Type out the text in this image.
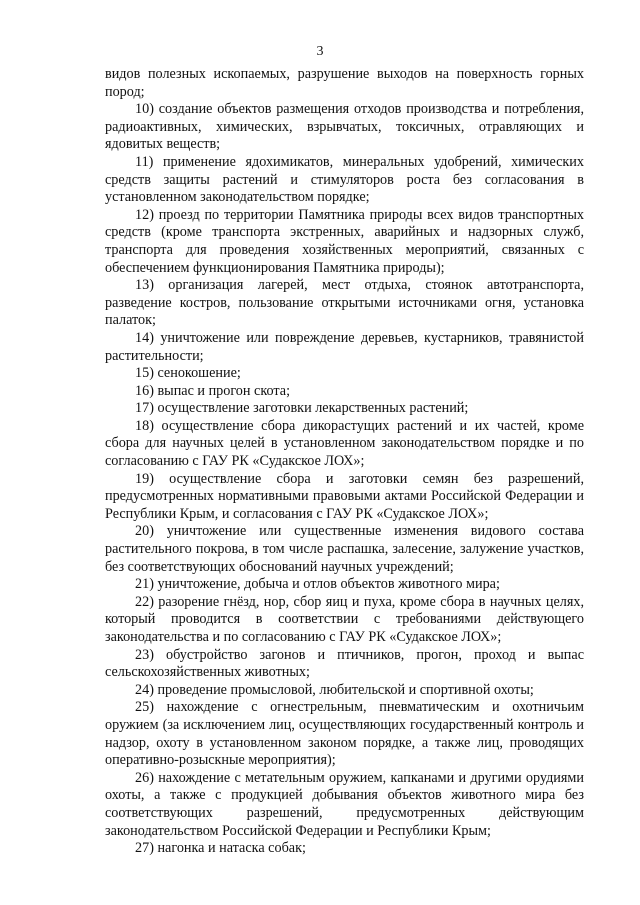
3

видов полезных ископаемых, разрушение выходов на поверхность горных пород;

10) создание объектов размещения отходов производства и потребления, радиоактивных, химических, взрывчатых, токсичных, отравляющих и ядовитых веществ;

11) применение ядохимикатов, минеральных удобрений, химических средств защиты растений и стимуляторов роста без согласования в установленном законодательством порядке;

12) проезд по территории Памятника природы всех видов транспортных средств (кроме транспорта экстренных, аварийных и надзорных служб, транспорта для проведения хозяйственных мероприятий, связанных с обеспечением функционирования Памятника природы);

13) организация лагерей, мест отдыха, стоянок автотранспорта, разведение костров, пользование открытыми источниками огня, установка палаток;

14) уничтожение или повреждение деревьев, кустарников, травянистой растительности;

15) сенокошение;

16) выпас и прогон скота;

17) осуществление заготовки лекарственных растений;

18) осуществление сбора дикорастущих растений и их частей, кроме сбора для научных целей в установленном законодательством порядке и по согласованию с ГАУ РК «Судакское ЛОХ»;

19) осуществление сбора и заготовки семян без разрешений, предусмотренных нормативными правовыми актами Российской Федерации и Республики Крым, и согласования с ГАУ РК «Судакское ЛОХ»;

20) уничтожение или существенные изменения видового состава растительного покрова, в том числе распашка, залесение, залужение участков, без соответствующих обоснований научных учреждений;

21) уничтожение, добыча и отлов объектов животного мира;

22) разорение гнёзд, нор, сбор яиц и пуха, кроме сбора в научных целях, который проводится в соответствии с требованиями действующего законодательства и по согласованию с ГАУ РК «Судакское ЛОХ»;

23) обустройство загонов и птичников, прогон, проход и выпас сельскохозяйственных животных;

24) проведение промысловой, любительской и спортивной охоты;

25) нахождение с огнестрельным, пневматическим и охотничьим оружием (за исключением лиц, осуществляющих государственный контроль и надзор, охоту в установленном законом порядке, а также лиц, проводящих оперативно-розыскные мероприятия);

26) нахождение с метательным оружием, капканами и другими орудиями охоты, а также с продукцией добывания объектов животного мира без соответствующих разрешений, предусмотренных действующим законодательством Российской Федерации и Республики Крым;

27) нагонка и натаска собак;
